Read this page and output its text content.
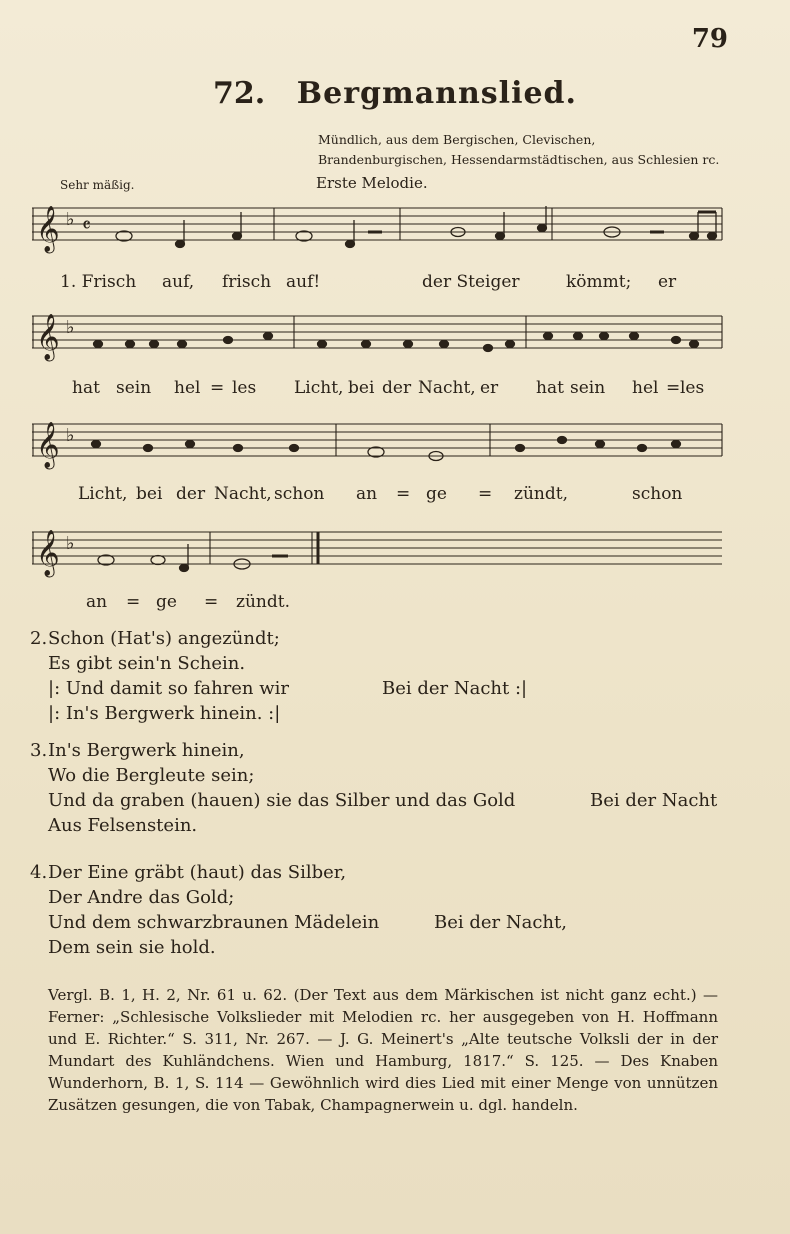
79
72. Bergmannslied.
Mündlich, aus dem Bergischen, Clevischen, Brandenburgischen, Hessendarmstädtischen, aus Schlesien rc.
Sehr mäßig.	Erste Melodie.
𝄞 ♭ 𝄴
1. Frisch auf, frisch auf!	der Steiger	kömmt; er
𝄞 ♭
hat sein hel = les Licht, bei der Nacht, er hat sein hel = les
𝄞 ♭
Licht, bei der Nacht, schon an = ge = zündt,	schon
𝄞 ♭
an = ge = zündt.
2.Schon (Hat's) angezündt;
Es gibt sein'n Schein.
|: Und damit so fahren wir	Bei der Nacht :|
|: In's Bergwerk hinein. :|
3.In's Bergwerk hinein,
Wo die Bergleute sein;
Und da graben (hauen) sie das Silber und das Gold	Bei der Nacht
Aus Felsenstein.
4.Der Eine gräbt (haut) das Silber,
Der Andre das Gold;
Und dem schwarzbraunen Mädelein	Bei der Nacht,
Dem sein sie hold.
Vergl. B. 1, H. 2, Nr. 61 u. 62. (Der Text aus dem Märkischen ist nicht ganz echt.) — Ferner: „Schlesische Volkslieder mit Melodien rc. her ausgegeben von H. Hoffmann und E. Richter.“ S. 311, Nr. 267. — J. G. Meinert's „Alte teutsche Volksli der in der Mundart des Kuhländchens. Wien und Hamburg, 1817.“ S. 125. — Des Knaben Wunderhorn, B. 1, S. 114 — Gewöhnlich wird dies Lied mit einer Menge von unnützen Zusätzen gesungen, die von Tabak, Champagnerwein u. dgl. handeln.
